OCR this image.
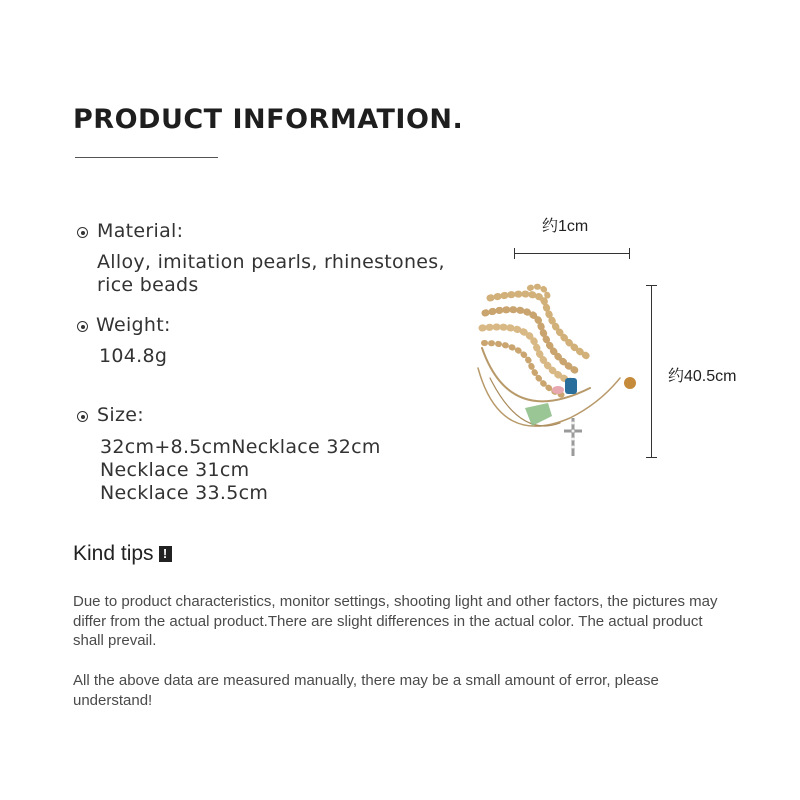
PRODUCT INFORMATION.
Material:
Alloy, imitation pearls, rhinestones,
rice beads
Weight:
104.8g
Size:
32cm+8.5cmNecklace 32cm
Necklace 31cm
Necklace 33.5cm
约1cm
约40.5cm
Kind tips !
Due to product characteristics, monitor settings, shooting light and other factors, the pictures may differ from the actual product.There are slight differences in the actual color. The actual product shall prevail.
All the above data are measured manually, there may be a small amount of error, please understand!
